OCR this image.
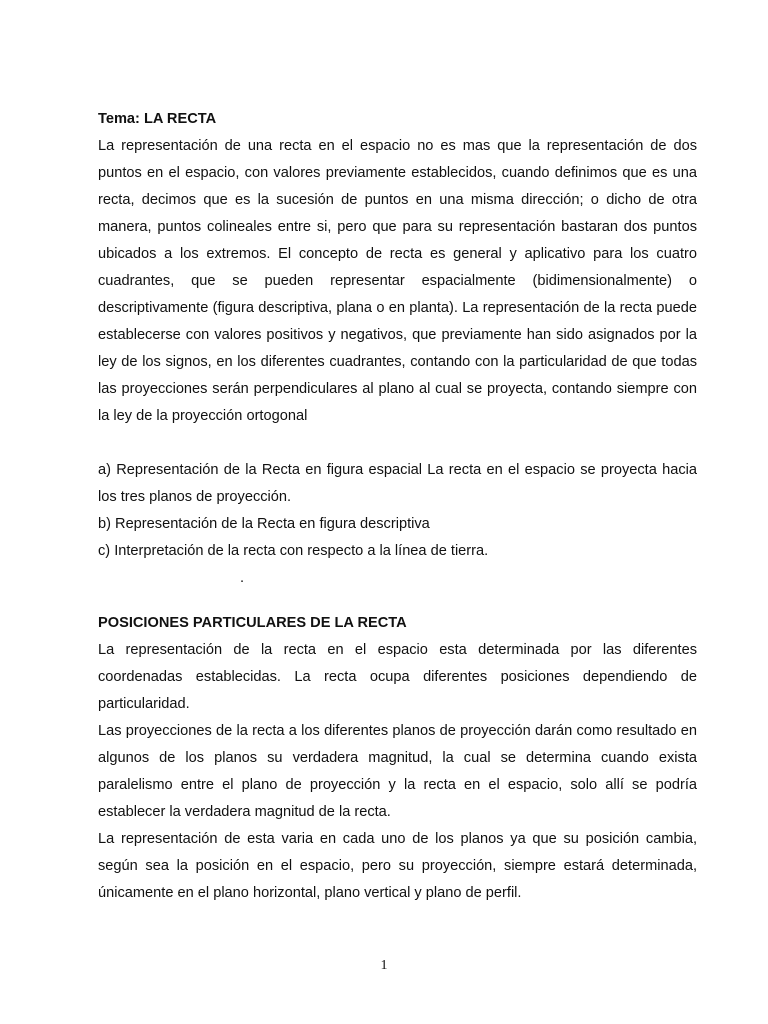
Tema: LA RECTA

La representación de una recta en el espacio no es mas que la representación de dos puntos en el espacio, con valores previamente establecidos, cuando definimos que es una recta, decimos que es la sucesión de puntos en una misma dirección; o dicho de otra manera, puntos colineales entre si, pero que para su representación bastaran dos puntos ubicados a los extremos. El concepto de recta es general y aplicativo para los cuatro cuadrantes, que se pueden representar espacialmente (bidimensionalmente) o descriptivamente (figura descriptiva, plana o en planta). La representación de la recta puede establecerse con valores positivos y negativos, que previamente han sido asignados por la ley de los signos, en los diferentes cuadrantes, contando con la particularidad de que todas las proyecciones serán perpendiculares al plano al cual se proyecta, contando siempre con la ley de la proyección ortogonal

a) Representación de la Recta en figura espacial La recta en el espacio se proyecta hacia los tres planos de proyección.

b) Representación de la Recta en figura descriptiva

c) Interpretación de la recta con respecto a la línea de tierra.

.

POSICIONES PARTICULARES DE LA RECTA

La representación de la recta en el espacio esta determinada por las diferentes coordenadas establecidas. La recta ocupa diferentes posiciones dependiendo de particularidad.

Las proyecciones de la recta a los diferentes planos de proyección darán como resultado en algunos de los planos su verdadera magnitud, la cual se determina cuando exista paralelismo entre el plano de proyección y la recta en el espacio, solo allí se podría establecer la verdadera magnitud de la recta.

La representación de esta varia en cada uno de los planos ya que su posición cambia, según sea la posición en el espacio, pero su proyección, siempre estará determinada, únicamente en el plano horizontal, plano vertical y plano de perfil.

1
